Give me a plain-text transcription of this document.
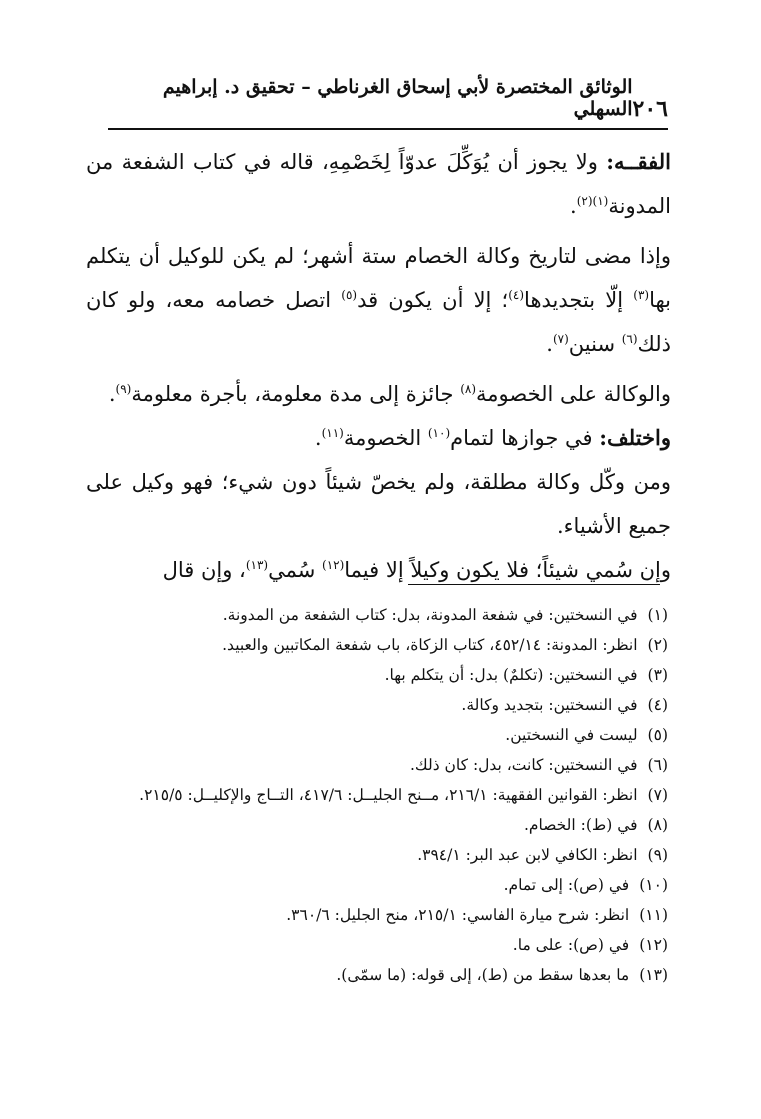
٢٠٦
الوثائق المختصرة لأبي إسحاق الغرناطي – تحقيق د. إبراهيم السهلي

الفقــه: ولا يجوز أن يُوَكِّلَ عدوّاً لِخَصْمِهِ، قاله في كتاب الشفعة من المدونة$^{(١)(٢)}$.

وإذا مضى لتاريخ وكالة الخصام ستة أشهر؛ لم يكن للوكيل أن يتكلم بها$^{(٣)}$ إلّا بتجديدها$^{(٤)}$؛ إلا أن يكون قد$^{(٥)}$ اتصل خصامه معه، ولو كان ذلك$^{(٦)}$ سنين$^{(٧)}$.

والوكالة على الخصومة$^{(٨)}$ جائزة إلى مدة معلومة، بأجرة معلومة$^{(٩)}$.

واختلف: في جوازها لتمام$^{(١٠)}$ الخصومة$^{(١١)}$.

ومن وكّل وكالة مطلقة، ولم يخصّ شيئاً دون شيء؛ فهو وكيل على جميع الأشياء.

وإن سُمي شيئاً؛ فلا يكون وكيلاً إلا فيما$^{(١٢)}$ سُمي$^{(١٣)}$، وإن قال

(١)
في النسختين: في شفعة المدونة، بدل: كتاب الشفعة من المدونة.
(٢)
انظر: المدونة: ٤٥٢/١٤، كتاب الزكاة، باب شفعة المكاتبين والعبيد.
(٣)
في النسختين: (تكلمٌ) بدل: أن يتكلم بها.
(٤)
في النسختين: بتجديد وكالة.
(٥)
ليست في النسختين.
(٦)
في النسختين: كانت، بدل: كان ذلك.
(٧)
انظر: القوانين الفقهية: ٢١٦/١، مــنح الجليــل: ٤١٧/٦، التــاج والإكليــل: ٢١٥/٥.
(٨)
في (ط): الخصام.
(٩)
انظر: الكافي لابن عبد البر: ٣٩٤/١.
(١٠)
في (ص): إلى تمام.
(١١)
انظر: شرح ميارة الفاسي: ٢١٥/١، منح الجليل: ٣٦٠/٦.
(١٢)
في (ص): على ما.
(١٣)
ما بعدها سقط من (ط)، إلى قوله: (ما سمّى).
